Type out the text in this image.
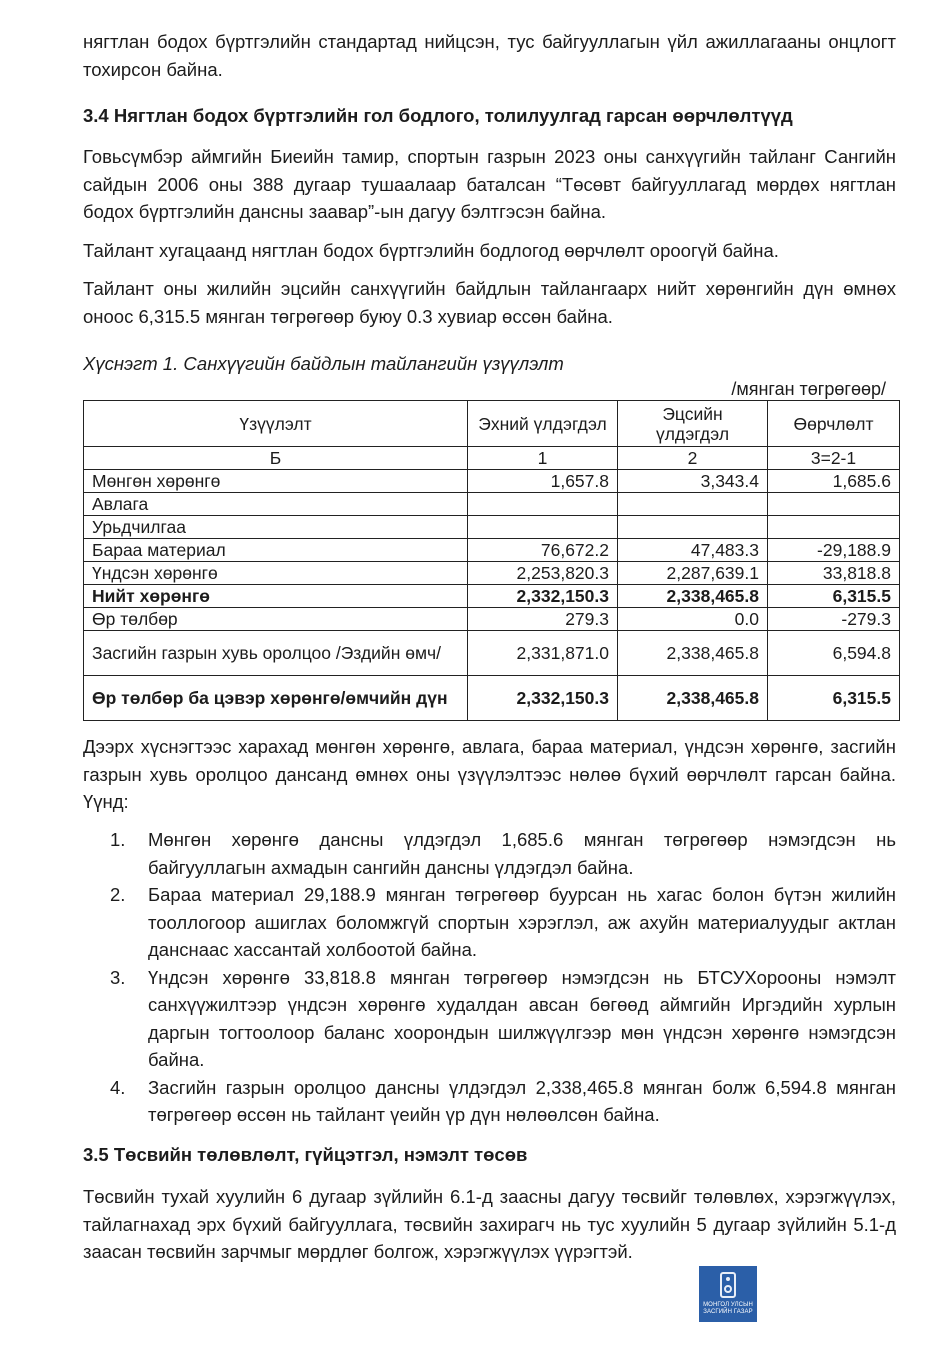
нягтлан бодох бүртгэлийн стандартад нийцсэн, тус байгууллагын үйл ажиллагааны онцлогт тохирсон байна.

3.4 Нягтлан бодох бүртгэлийн гол бодлого, толилуулгад гарсан өөрчлөлтүүд

Говьсүмбэр аймгийн Биеийн тамир, спортын газрын 2023 оны санхүүгийн тайланг Сангийн сайдын 2006 оны 388 дугаар тушаалаар баталсан “Төсөвт байгууллагад мөрдөх нягтлан бодох бүртгэлийн дансны заавар”-ын дагуу бэлтгэсэн байна.

Тайлант хугацаанд нягтлан бодох бүртгэлийн бодлогод өөрчлөлт ороогүй байна.

Тайлант оны жилийн эцсийн санхүүгийн байдлын тайлангаарх нийт хөрөнгийн дүн өмнөх оноос 6,315.5 мянган төгрөгөөр буюу 0.3 хувиар өссөн байна.

Хүснэгт 1. Санхүүгийн байдлын тайлангийн үзүүлэлт
/мянган төгрөгөөр/
Үзүүлэлт	Эхний үлдэгдэл	Эцсийн үлдэгдэл	Өөрчлөлт
Б	1	2	3=2-1
Мөнгөн хөрөнгө	1,657.8	3,343.4	1,685.6
Авлага			
Урьдчилгаа			
Бараа материал	76,672.2	47,483.3	-29,188.9
Үндсэн хөрөнгө	2,253,820.3	2,287,639.1	33,818.8
Нийт хөрөнгө	2,332,150.3	2,338,465.8	6,315.5
Өр төлбөр	279.3	0.0	-279.3
Засгийн газрын хувь оролцоо /Эздийн өмч/	2,331,871.0	2,338,465.8	6,594.8
Өр төлбөр ба цэвэр хөрөнгө/өмчийн дүн	2,332,150.3	2,338,465.8	6,315.5

Дээрх хүснэгтээс харахад мөнгөн хөрөнгө, авлага, бараа материал, үндсэн хөрөнгө, засгийн газрын хувь оролцоо дансанд өмнөх оны үзүүлэлтээс нөлөө бүхий өөрчлөлт гарсан байна. Үүнд:

1. Мөнгөн хөрөнгө дансны үлдэгдэл 1,685.6 мянган төгрөгөөр нэмэгдсэн нь байгууллагын ахмадын сангийн дансны үлдэгдэл байна.
2. Бараа материал 29,188.9 мянган төгрөгөөр буурсан нь хагас болон бүтэн жилийн тооллогоор ашиглах боломжгүй спортын хэрэглэл, аж ахуйн материалуудыг актлан данснаас хассантай холбоотой байна.
3. Үндсэн хөрөнгө 33,818.8 мянган төгрөгөөр нэмэгдсэн нь БТСУХорооны нэмэлт санхүүжилтээр үндсэн хөрөнгө худалдан авсан бөгөөд аймгийн Иргэдийн хурлын даргын тогтоолоор баланс хоорондын шилжүүлгээр мөн үндсэн хөрөнгө нэмэгдсэн байна.
4. Засгийн газрын оролцоо дансны үлдэгдэл 2,338,465.8 мянган болж 6,594.8 мянган төгрөгөөр өссөн нь тайлант үеийн үр дүн нөлөөлсөн байна.
3.5 Төсвийн төлөвлөлт, гүйцэтгэл, нэмэлт төсөв

Төсвийн тухай хуулийн 6 дугаар зүйлийн 6.1-д заасны дагуу төсвийг төлөвлөх, хэрэгжүүлэх, тайлагнахад эрх бүхий байгууллага, төсвийн захирагч нь тус хуулийн 5 дугаар зүйлийн 5.1-д заасан төсвийн зарчмыг мөрдлөг болгож, хэрэгжүүлэх үүрэгтэй.

МОНГОЛ УЛСЫН
ЗАСГИЙН ГАЗАР
